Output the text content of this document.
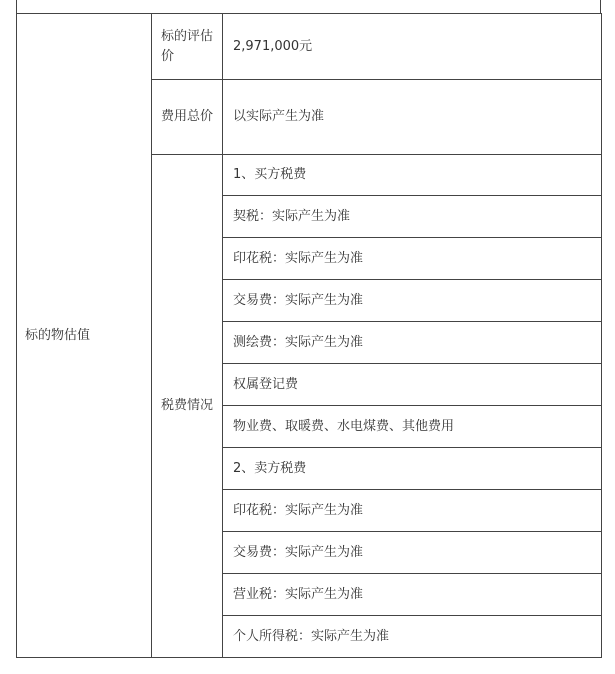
标的物估值	标的评估价	2,971,000元
	费用总价	以实际产生为准
	税费情况	1、买方税费
		契税：实际产生为准
		印花税：实际产生为准
		交易费：实际产生为准
		测绘费：实际产生为准
		权属登记费
		物业费、取暖费、水电煤费、其他费用
		2、卖方税费
		印花税：实际产生为准
		交易费：实际产生为准
		营业税：实际产生为准
		个人所得税：实际产生为准
